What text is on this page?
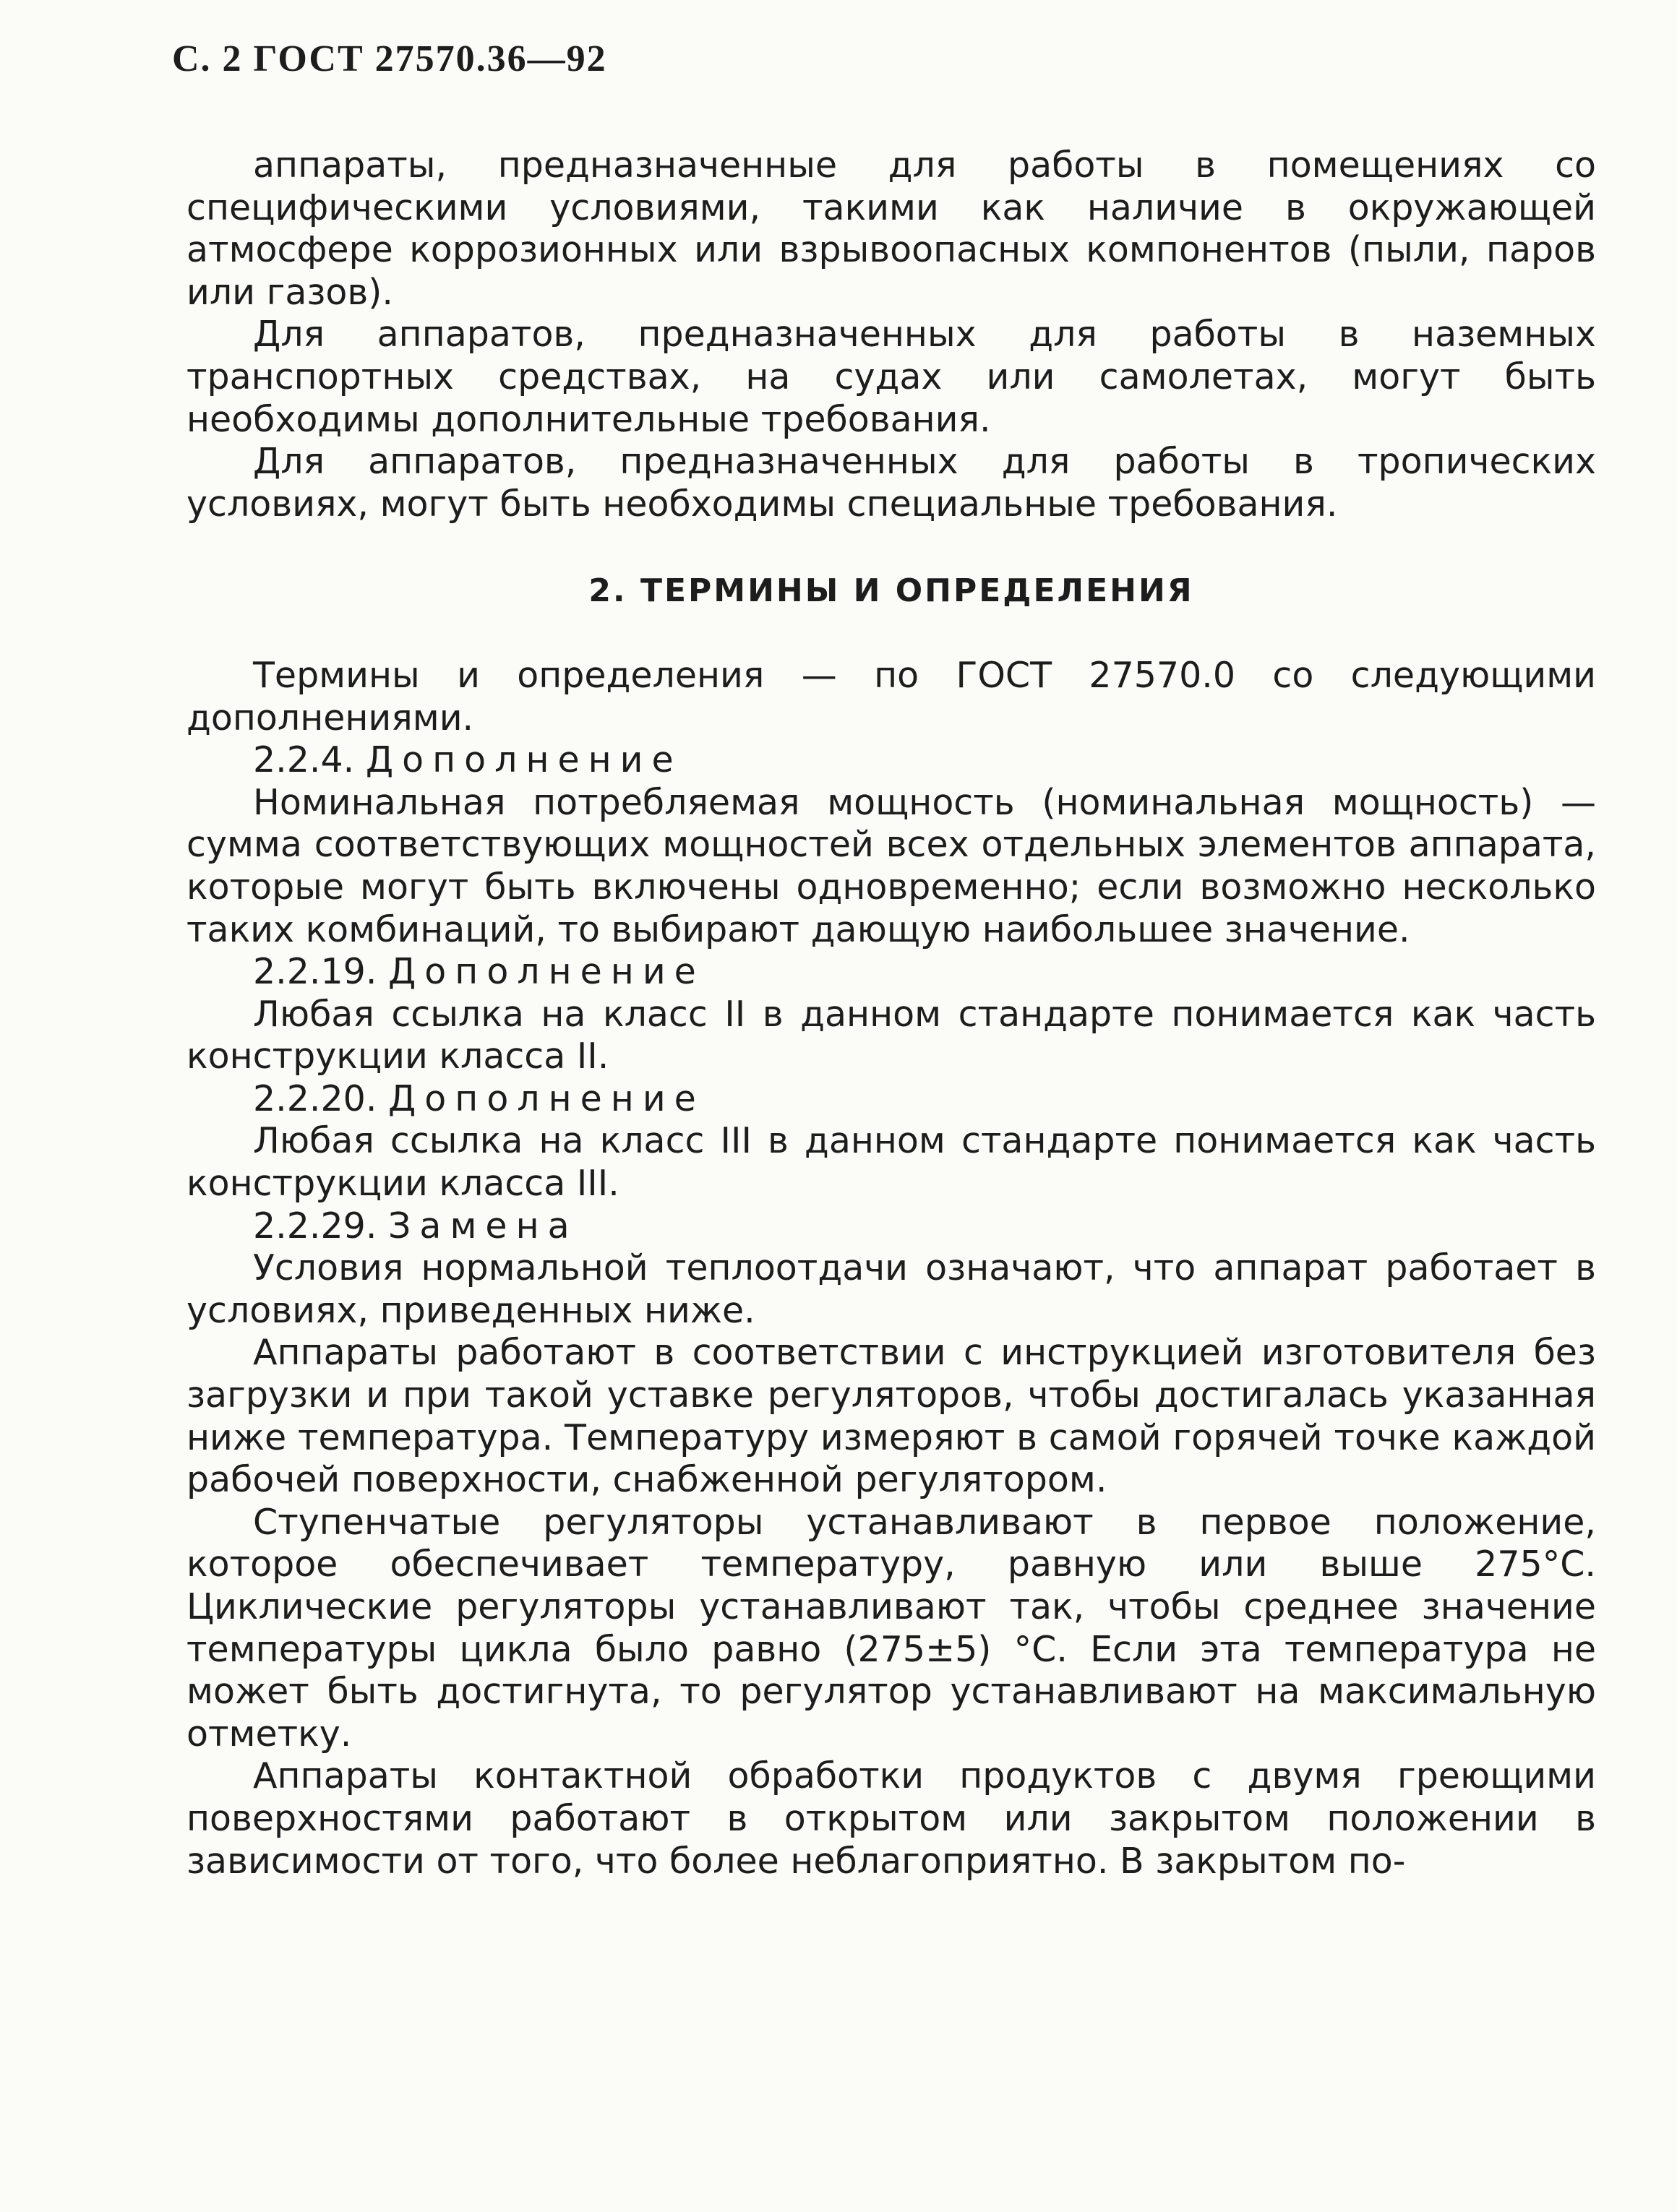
С. 2 ГОСТ 27570.36—92

аппараты, предназначенные для работы в помещениях со специфическими условиями, такими как наличие в окружающей атмосфере коррозионных или взрывоопасных компонентов (пыли, паров или газов).

Для аппаратов, предназначенных для работы в наземных транспортных средствах, на судах или самолетах, могут быть необходимы дополнительные требования.

Для аппаратов, предназначенных для работы в тропических условиях, могут быть необходимы специальные требования.

2. ТЕРМИНЫ И ОПРЕДЕЛЕНИЯ

Термины и определения — по ГОСТ 27570.0 со следующими дополнениями.

2.2.4. Дополнение

Номинальная потребляемая мощность (номинальная мощность) — сумма соответствующих мощностей всех отдельных элементов аппарата, которые могут быть включены одновременно; если возможно несколько таких комбинаций, то выбирают дающую наибольшее значение.

2.2.19. Дополнение

Любая ссылка на класс II в данном стандарте понимается как часть конструкции класса II.

2.2.20. Дополнение

Любая ссылка на класс III в данном стандарте понимается как часть конструкции класса III.

2.2.29. Замена

Условия нормальной теплоотдачи означают, что аппарат работает в условиях, приведенных ниже.

Аппараты работают в соответствии с инструкцией изготовителя без загрузки и при такой уставке регуляторов, чтобы достигалась указанная ниже температура. Температуру измеряют в самой горячей точке каждой рабочей поверхности, снабженной регулятором.

Ступенчатые регуляторы устанавливают в первое положение, которое обеспечивает температуру, равную или выше 275°С. Циклические регуляторы устанавливают так, чтобы среднее значение температуры цикла было равно (275±5) °С. Если эта температура не может быть достигнута, то регулятор устанавливают на максимальную отметку.

Аппараты контактной обработки продуктов с двумя греющими поверхностями работают в открытом или закрытом положении в зависимости от того, что более неблагоприятно. В закрытом по-
